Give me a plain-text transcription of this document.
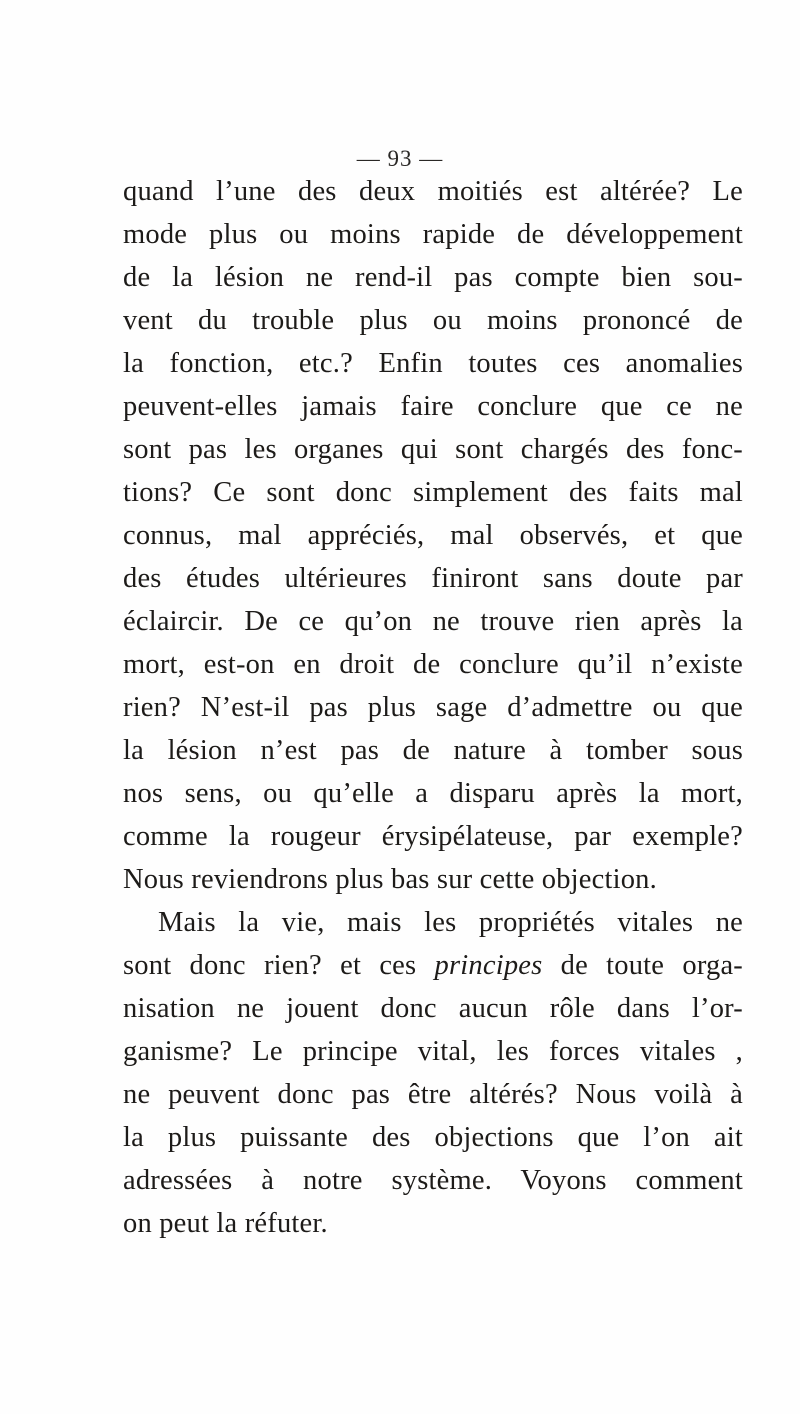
— 93 —
quand l’une des deux moitiés est altérée? Le
mode plus ou moins rapide de développement
de la lésion ne rend-il pas compte bien sou-
vent du trouble plus ou moins prononcé de
la fonction, etc.? Enfin toutes ces anomalies
peuvent-elles jamais faire conclure que ce ne
sont pas les organes qui sont chargés des fonc-
tions? Ce sont donc simplement des faits mal
connus, mal appréciés, mal observés, et que
des études ultérieures finiront sans doute par
éclaircir. De ce qu’on ne trouve rien après la
mort, est-on en droit de conclure qu’il n’existe
rien? N’est-il pas plus sage d’admettre ou que
la lésion n’est pas de nature à tomber sous
nos sens, ou qu’elle a disparu après la mort,
comme la rougeur érysipélateuse, par exemple?
Nous reviendrons plus bas sur cette objection.
Mais la vie, mais les propriétés vitales ne
sont donc rien? et ces principes de toute orga-
nisation ne jouent donc aucun rôle dans l’or-
ganisme? Le principe vital, les forces vitales ,
ne peuvent donc pas être altérés? Nous voilà à
la plus puissante des objections que l’on ait
adressées à notre système. Voyons comment
on peut la réfuter.
